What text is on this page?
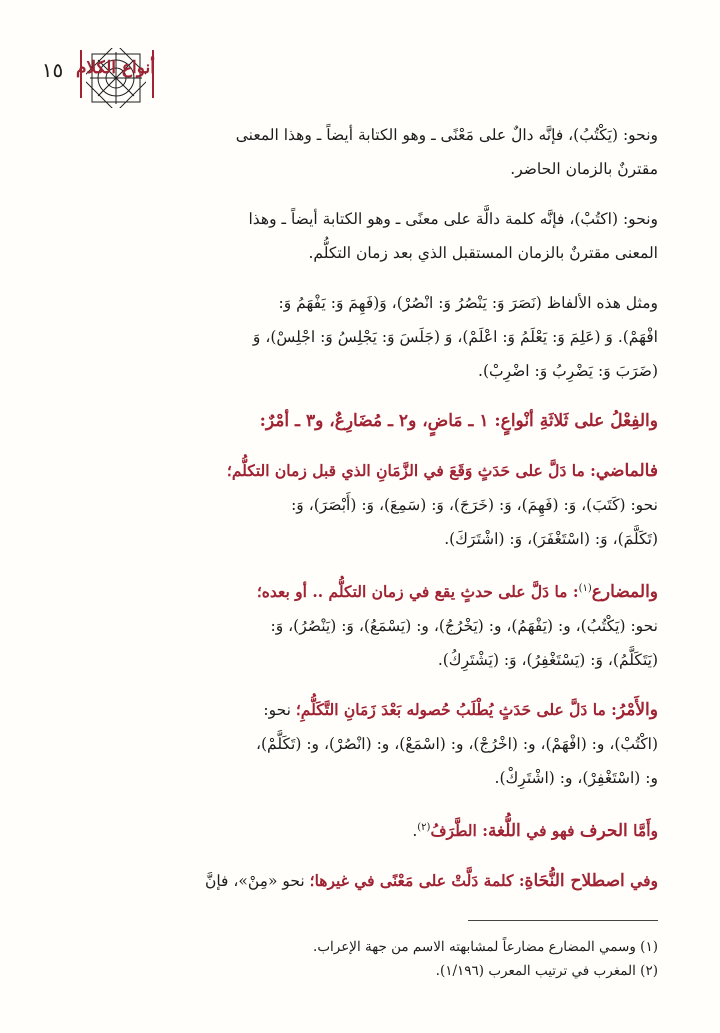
١٥ أنواع الكلام

ونحو: (يَكْتُبُ)، فإنَّه دالٌ على مَعْنًى ـ وهو الكتابة أيضاً ـ وهذا المعنى

مقترنٌ بالزمان الحاضر.

ونحو: (اكتُبْ)، فإنَّه كلمة دالَّة على معنًى ـ وهو الكتابة أيضاً ـ وهذا

المعنى مقترنٌ بالزمان المستقبل الذي بعد زمان التكلُّم.

ومثل هذه الألفاظ (نَصَرَ وَ: يَنْصُرُ وَ: انْصُرْ)، وَ(فَهِمَ وَ: يَفْهَمُ وَ:

افْهَمْ). وَ (عَلِمَ وَ: يَعْلَمُ وَ: اعْلَمْ)، وَ (جَلَسَ وَ: يَجْلِسُ وَ: اجْلِسْ)، وَ

(ضَرَبَ وَ: يَضْرِبُ وَ: اضْرِبْ).

والفِعْلُ على ثَلاثَةِ أنْواعٍ: ١ ـ مَاضٍ، و٢ ـ مُضَارِعٌ، و٣ ـ أمْرٌ:

فالماضي: ما دَلَّ على حَدَثٍ وَقَعَ في الزَّمَانِ الذي قبل زمان التكلُّم؛

نحو: (كَتَبَ)، وَ: (فَهِمَ)، وَ: (خَرَجَ)، وَ: (سَمِعَ)، وَ: (أَبْصَرَ)، وَ:

(تَكَلَّمَ)، وَ: (اسْتَغْفَرَ)، وَ: (اشْتَرَكَ).

والمضارع$^{(١)}$: ما دَلَّ على حدثٍ يقع في زمان التكلُّم .. أو بعده؛

نحو: (يَكْتُبُ)، و: (يَفْهَمُ)، و: (يَخْرُجُ)، و: (يَسْمَعُ)، وَ: (يَنْصُرُ)، وَ:

(يَتَكَلَّمُ)، وَ: (يَسْتَغْفِرُ)، وَ: (يَشْتَرِكُ).

والأَمْرُ: ما دَلَّ على حَدَثٍ يُطْلَبُ حُصوله بَعْدَ زَمَانِ التَّكَلُّمِ؛ نحو:

(اكْتُبْ)، و: (افْهَمْ)، و: (اخْرُجْ)، و: (اسْمَعْ)، و: (انْصُرْ)، و: (تَكَلَّمْ)،

و: (اسْتَغْفِرْ)، و: (اشْتَرِكْ).

وأَمَّا الحرف فهو في اللُّغة: الطَّرَفُ$^{(٢)}$.

وفي اصطلاح النُّحَاةِ: كلمة دَلَّتْ على مَعْنًى في غيرها؛ نحو «مِنْ»، فإنَّ

(١) وسمي المضارع مضارعاً لمشابهته الاسم من جهة الإعراب.
(٢) المغرب في ترتيب المعرب (١/١٩٦).
